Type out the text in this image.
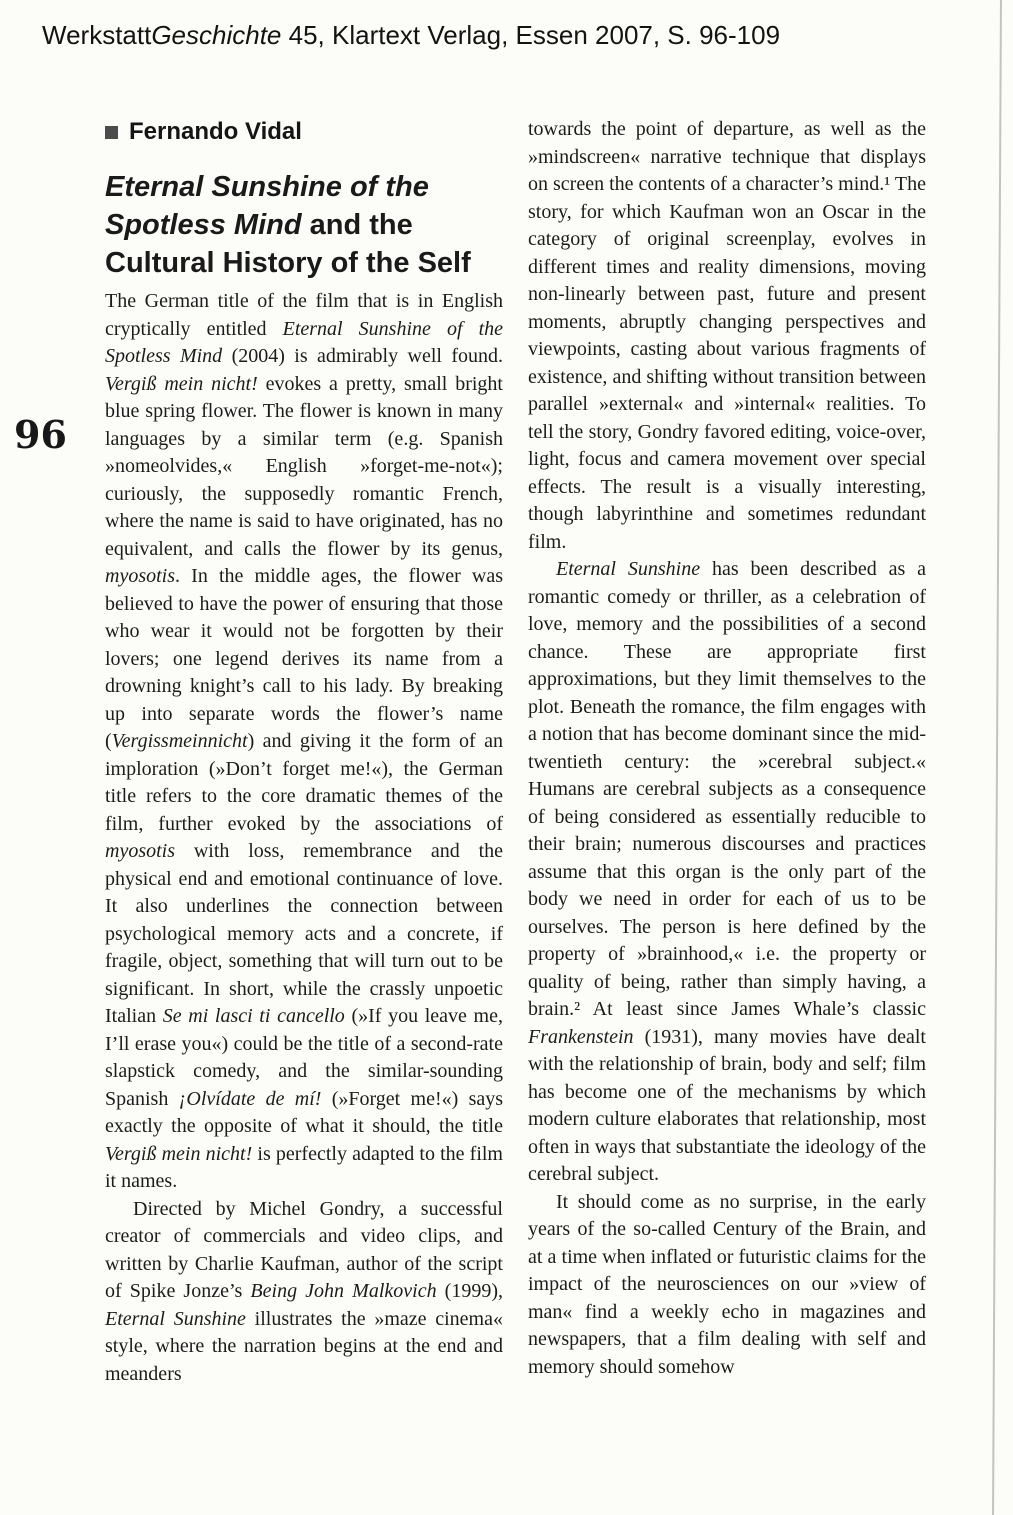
WerkstattGeschichte 45, Klartext Verlag, Essen 2007, S. 96-109
96
Fernando Vidal
Eternal Sunshine of the
Spotless Mind and the
Cultural History of the Self

The German title of the film that is in English cryptically entitled Eternal Sunshine of the Spotless Mind (2004) is admirably well found. Vergiß mein nicht! evokes a pretty, small bright blue spring flower. The flower is known in many languages by a similar term (e.g. Spanish »nomeolvides,« English »forget-me-not«); curiously, the supposedly romantic French, where the name is said to have originated, has no equivalent, and calls the flower by its genus, myosotis. In the middle ages, the flower was believed to have the power of ensuring that those who wear it would not be forgotten by their lovers; one legend derives its name from a drowning knight’s call to his lady. By breaking up into separate words the flower’s name (Vergissmeinnicht) and giving it the form of an imploration (»Don’t forget me!«), the German title refers to the core dramatic themes of the film, further evoked by the associations of myosotis with loss, remembrance and the physical end and emotional continuance of love. It also underlines the connection between psychological memory acts and a concrete, if fragile, object, something that will turn out to be significant. In short, while the crassly unpoetic Italian Se mi lasci ti cancello (»If you leave me, I’ll erase you«) could be the title of a second-rate slapstick comedy, and the similar-sounding Spanish ¡Olvídate de mí! (»Forget me!«) says exactly the opposite of what it should, the title Vergiß mein nicht! is perfectly adapted to the film it names.

Directed by Michel Gondry, a successful creator of commercials and video clips, and written by Charlie Kaufman, author of the script of Spike Jonze’s Being John Malkovich (1999), Eternal Sunshine illustrates the »maze cinema« style, where the narration begins at the end and meanders

towards the point of departure, as well as the »mindscreen« narrative technique that displays on screen the contents of a character’s mind.¹ The story, for which Kaufman won an Oscar in the category of original screenplay, evolves in different times and reality dimensions, moving non-linearly between past, future and present moments, abruptly changing perspectives and viewpoints, casting about various fragments of existence, and shifting without transition between parallel »external« and »internal« realities. To tell the story, Gondry favored editing, voice-over, light, focus and camera movement over special effects. The result is a visually interesting, though labyrinthine and sometimes redundant film.

Eternal Sunshine has been described as a romantic comedy or thriller, as a celebration of love, memory and the possibilities of a second chance. These are appropriate first approximations, but they limit themselves to the plot. Beneath the romance, the film engages with a notion that has become dominant since the mid-twentieth century: the »cerebral subject.« Humans are cerebral subjects as a consequence of being considered as essentially reducible to their brain; numerous discourses and practices assume that this organ is the only part of the body we need in order for each of us to be ourselves. The person is here defined by the property of »brainhood,« i.e. the property or quality of being, rather than simply having, a brain.² At least since James Whale’s classic Frankenstein (1931), many movies have dealt with the relationship of brain, body and self; film has become one of the mechanisms by which modern culture elaborates that relationship, most often in ways that substantiate the ideology of the cerebral subject.

It should come as no surprise, in the early years of the so-called Century of the Brain, and at a time when inflated or futuristic claims for the impact of the neurosciences on our »view of man« find a weekly echo in magazines and newspapers, that a film dealing with self and memory should somehow
